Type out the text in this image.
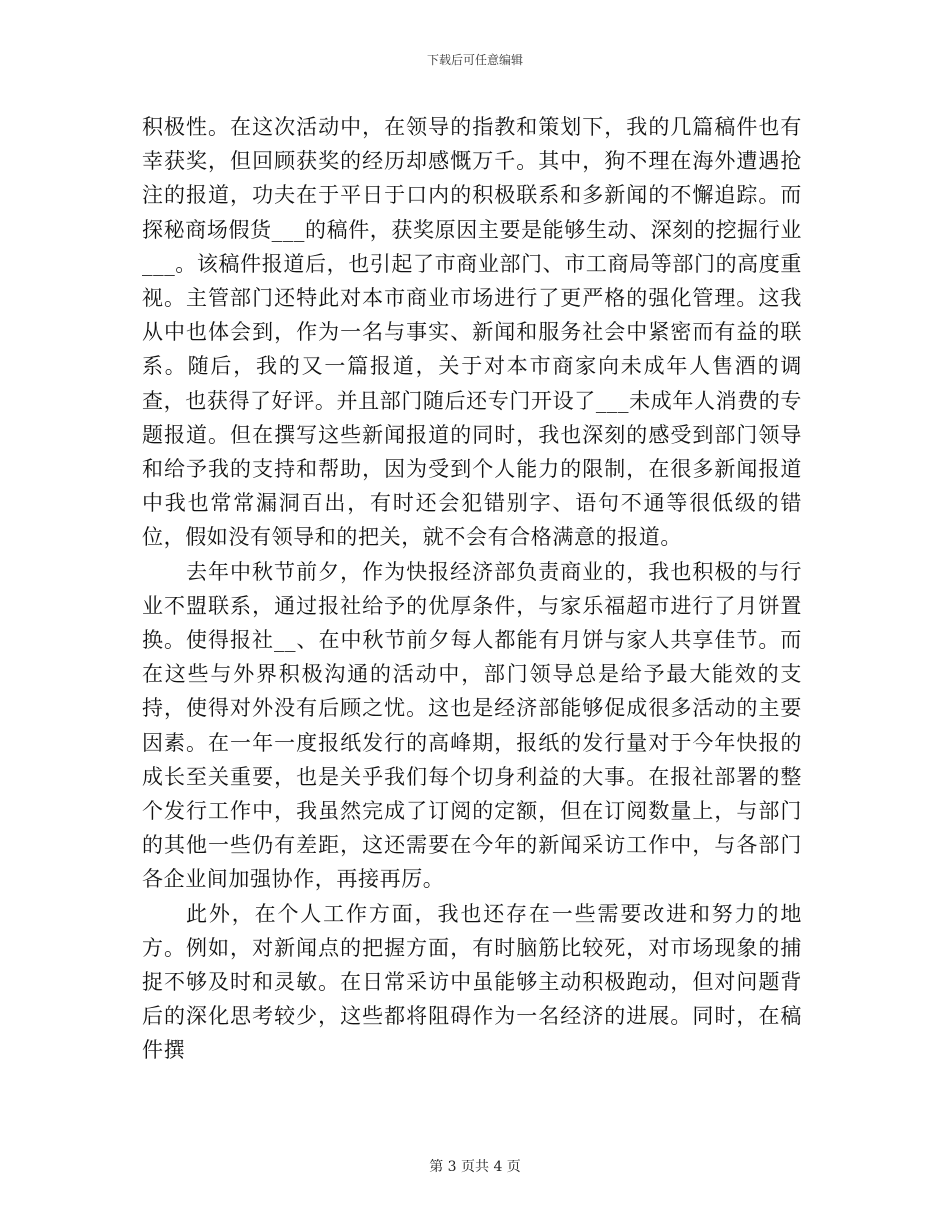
下载后可任意编辑

积极性。在这次活动中，在领导的指教和策划下，我的几篇稿件也有幸获奖，但回顾获奖的经历却感慨万千。其中，狗不理在海外遭遇抢注的报道，功夫在于平日于口内的积极联系和多新闻的不懈追踪。而探秘商场假货___的稿件，获奖原因主要是能够生动、深刻的挖掘行业___。该稿件报道后，也引起了市商业部门、市工商局等部门的高度重视。主管部门还特此对本市商业市场进行了更严格的强化管理。这我从中也体会到，作为一名与事实、新闻和服务社会中紧密而有益的联系。随后，我的又一篇报道，关于对本市商家向未成年人售酒的调查，也获得了好评。并且部门随后还专门开设了___未成年人消费的专题报道。但在撰写这些新闻报道的同时，我也深刻的感受到部门领导和给予我的支持和帮助，因为受到个人能力的限制，在很多新闻报道中我也常常漏洞百出，有时还会犯错别字、语句不通等很低级的错位，假如没有领导和的把关，就不会有合格满意的报道。

去年中秋节前夕，作为快报经济部负责商业的，我也积极的与行业不盟联系，通过报社给予的优厚条件，与家乐福超市进行了月饼置换。使得报社__、在中秋节前夕每人都能有月饼与家人共享佳节。而在这些与外界积极沟通的活动中，部门领导总是给予最大能效的支持，使得对外没有后顾之忧。这也是经济部能够促成很多活动的主要因素。在一年一度报纸发行的高峰期，报纸的发行量对于今年快报的成长至关重要，也是关乎我们每个切身利益的大事。在报社部署的整个发行工作中，我虽然完成了订阅的定额，但在订阅数量上，与部门的其他一些仍有差距，这还需要在今年的新闻采访工作中，与各部门各企业间加强协作，再接再厉。

此外，在个人工作方面，我也还存在一些需要改进和努力的地方。例如，对新闻点的把握方面，有时脑筋比较死，对市场现象的捕捉不够及时和灵敏。在日常采访中虽能够主动积极跑动，但对问题背后的深化思考较少，这些都将阻碍作为一名经济的进展。同时，在稿件撰

第 3 页共 4 页
